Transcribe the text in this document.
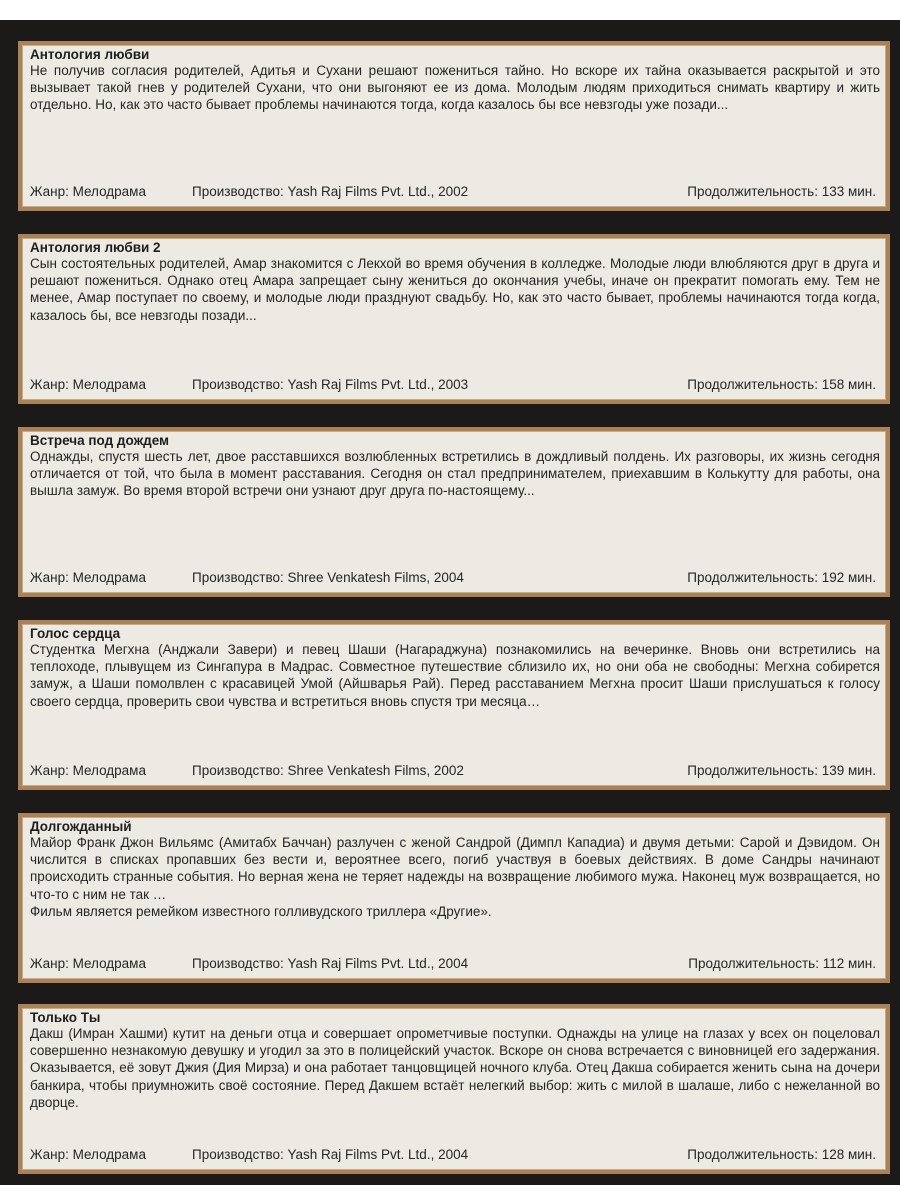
Антология любви

Не получив согласия родителей, Адитья и Сухани решают пожениться тайно. Но вскоре их тайна оказывается раскрытой и это вызывает такой гнев у родителей Сухани, что они выгоняют ее из дома. Молодым людям приходиться снимать квартиру и жить отдельно. Но, как это часто бывает проблемы начинаются тогда, когда казалось бы все невзгоды уже позади...

Жанр: Мелодрама	Производство: Yash Raj Films Pvt. Ltd., 2002	Продолжительность: 133 мин.
Антология любви 2

Сын состоятельных родителей, Амар знакомится с Лекхой во время обучения в колледже. Молодые люди влюбляются друг в друга и решают пожениться. Однако отец Амара запрещает сыну жениться до окончания учебы, иначе он прекратит помогать ему. Тем не менее, Амар поступает по своему, и молодые люди празднуют свадьбу. Но, как это часто бывает, проблемы начинаются тогда когда, казалось бы, все невзгоды позади...

Жанр: Мелодрама	Производство: Yash Raj Films Pvt. Ltd., 2003	Продолжительность: 158 мин.
Встреча под дождем

Однажды, спустя шесть лет, двое расставшихся возлюбленных встретились в дождливый полдень. Их разговоры, их жизнь сегодня отличается от той, что была в момент расставания. Сегодня он стал предпринимателем, приехавшим в Колькутту для работы, она вышла замуж. Во время второй встречи они узнают друг друга по-настоящему...

Жанр: Мелодрама	Производство: Shree Venkatesh Films, 2004	Продолжительность: 192 мин.
Голос сердца

Студентка Мегхна (Анджали Завери) и певец Шаши (Нагараджуна) познакомились на вечеринке. Вновь они встретились на теплоходе, плывущем из Сингапура в Мадрас. Совместное путешествие сблизило их, но они оба не свободны: Мегхна собирется замуж, а Шаши помолвлен с красавицей Умой (Айшварья Рай). Перед расставанием Мегхна просит Шаши прислушаться к голосу своего сердца, проверить свои чувства и встретиться вновь спустя три месяца…

Жанр: Мелодрама	Производство: Shree Venkatesh Films, 2002	Продолжительность: 139 мин.
Долгожданный

Майор Франк Джон Вильямс (Амитабх Баччан) разлучен с женой Сандрой (Димпл Кападиа) и двумя детьми: Сарой и Дэвидом. Он числится в списках пропавших без вести и, вероятнее всего, погиб участвуя в боевых действиях. В доме Сандры начинают происходить странные события. Но верная жена не теряет надежды на возвращение любимого мужа. Наконец муж возвращается, но что-то с ним не так …
Фильм является ремейком известного голливудского триллера «Другие».

Жанр: Мелодрама	Производство: Yash Raj Films Pvt. Ltd., 2004	Продолжительность: 112 мин.
Только Ты

Дакш (Имран Хашми) кутит на деньги отца и совершает опрометчивые поступки. Однажды на улице на глазах у всех он поцеловал совершенно незнакомую девушку и угодил за это в полицейский участок. Вскоре он снова встречается с виновницей его задержания. Оказывается, её зовут Джия (Дия Мирза) и она работает танцовщицей ночного клуба. Отец Дакша собирается женить сына на дочери банкира, чтобы приумножить своё состояние. Перед Дакшем встаёт нелегкий выбор: жить с милой в шалаше, либо с нежеланной во дворце.

Жанр: Мелодрама	Производство: Yash Raj Films Pvt. Ltd., 2004	Продолжительность: 128 мин.
